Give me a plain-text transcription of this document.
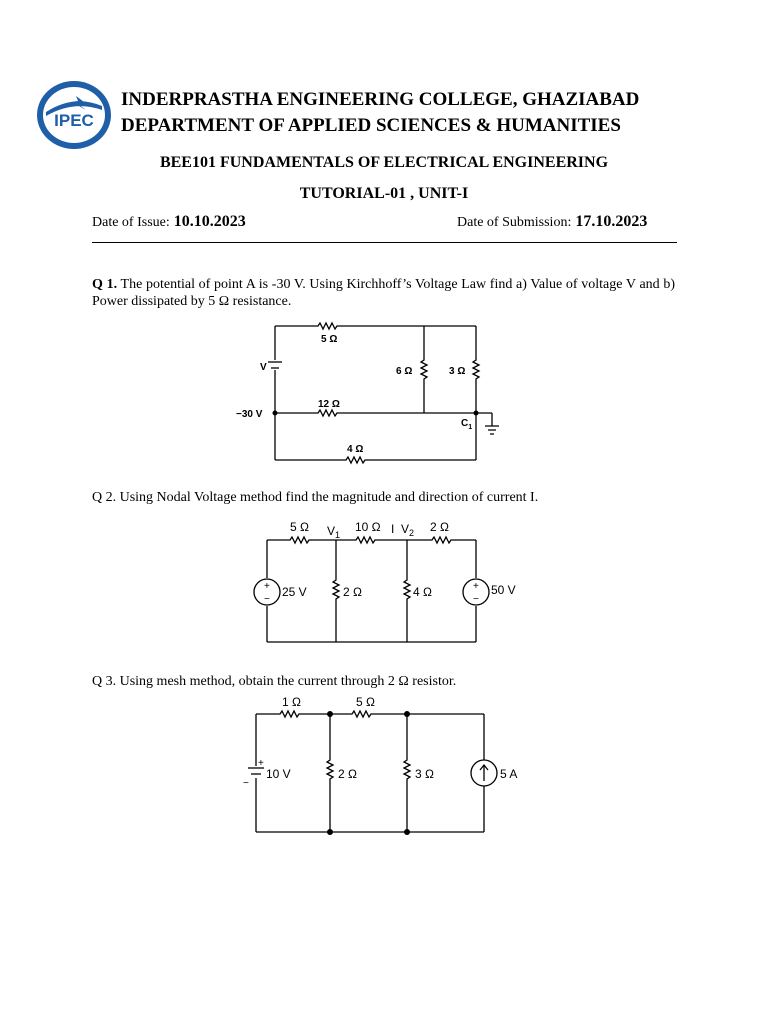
IPEC
INDERPRASTHA ENGINEERING COLLEGE, GHAZIABAD
DEPARTMENT OF APPLIED SCIENCES & HUMANITIES
BEE101 FUNDAMENTALS OF ELECTRICAL ENGINEERING
TUTORIAL-01 , UNIT-I
Date of Issue: 10.10.2023	Date of Submission: 17.10.2023
Q 1. The potential of point A is -30 V. Using Kirchhoff’s Voltage Law find a) Value of voltage V and b) Power dissipated by 5 Ω resistance.
5 Ω
V	6 Ω	3 Ω
12 Ω
−30 V
$C_1$
4 Ω
Q 2. Using Nodal Voltage method find the magnitude and direction of current I.
+
−
+
−
5 Ω $V_1$
10 Ω I $V_2$ 2 Ω
25 V	2 Ω	4 Ω	50 V
Q 3. Using mesh method, obtain the current through 2 Ω resistor.
+
−
1 Ω	5 Ω
10 V	2 Ω	3 Ω	5 A
